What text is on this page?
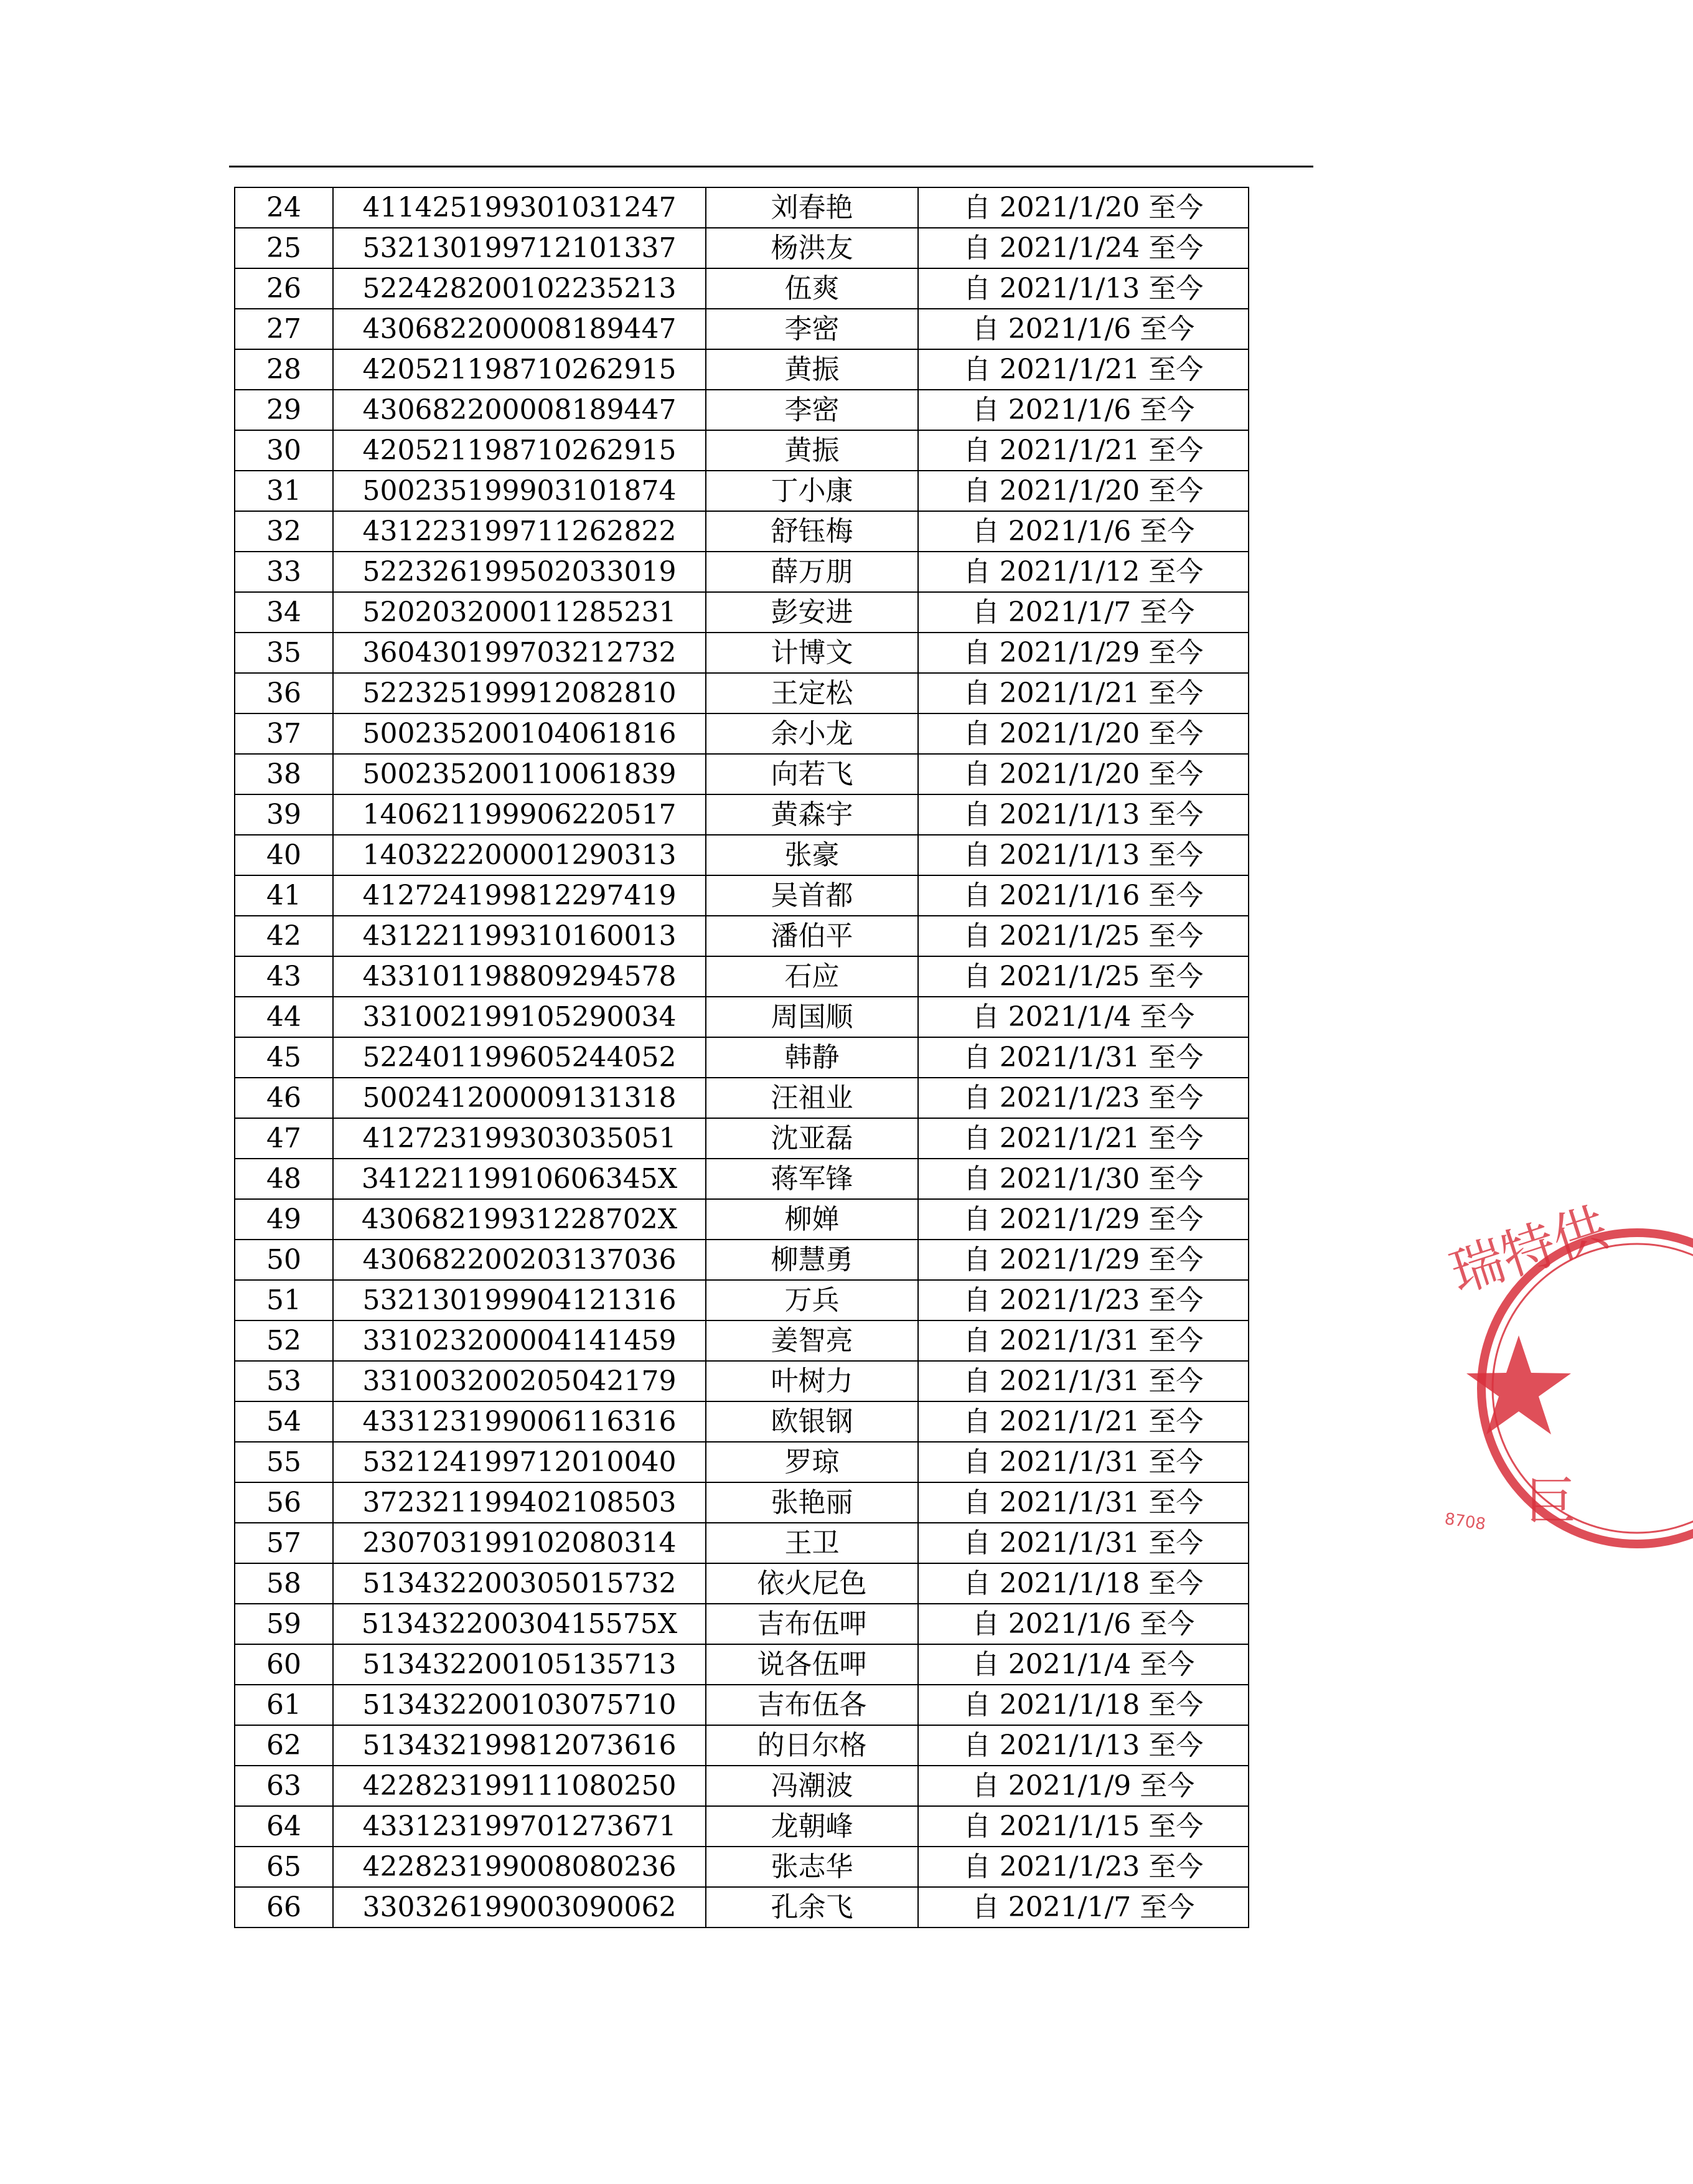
24	411425199301031247	刘春艳	自 2021/1/20 至今
25	532130199712101337	杨洪友	自 2021/1/24 至今
26	522428200102235213	伍爽	自 2021/1/13 至今
27	430682200008189447	李密	自 2021/1/6 至今
28	420521198710262915	黄振	自 2021/1/21 至今
29	430682200008189447	李密	自 2021/1/6 至今
30	420521198710262915	黄振	自 2021/1/21 至今
31	500235199903101874	丁小康	自 2021/1/20 至今
32	431223199711262822	舒钰梅	自 2021/1/6 至今
33	522326199502033019	薛万朋	自 2021/1/12 至今
34	520203200011285231	彭安进	自 2021/1/7 至今
35	360430199703212732	计博文	自 2021/1/29 至今
36	522325199912082810	王定松	自 2021/1/21 至今
37	500235200104061816	余小龙	自 2021/1/20 至今
38	500235200110061839	向若飞	自 2021/1/20 至今
39	140621199906220517	黄森宇	自 2021/1/13 至今
40	140322200001290313	张豪	自 2021/1/13 至今
41	412724199812297419	吴首都	自 2021/1/16 至今
42	431221199310160013	潘伯平	自 2021/1/25 至今
43	433101198809294578	石应	自 2021/1/25 至今
44	331002199105290034	周国顺	自 2021/1/4 至今
45	522401199605244052	韩静	自 2021/1/31 至今
46	500241200009131318	汪祖业	自 2021/1/23 至今
47	412723199303035051	沈亚磊	自 2021/1/21 至今
48	34122119910606345X	蒋军锋	自 2021/1/30 至今
49	43068219931228702X	柳婵	自 2021/1/29 至今
50	430682200203137036	柳慧勇	自 2021/1/29 至今
51	532130199904121316	万兵	自 2021/1/23 至今
52	331023200004141459	姜智亮	自 2021/1/31 至今
53	331003200205042179	叶树力	自 2021/1/31 至今
54	433123199006116316	欧银钢	自 2021/1/21 至今
55	532124199712010040	罗琼	自 2021/1/31 至今
56	372321199402108503	张艳丽	自 2021/1/31 至今
57	230703199102080314	王卫	自 2021/1/31 至今
58	513432200305015732	依火尼色	自 2021/1/18 至今
59	51343220030415575X	吉布伍呷	自 2021/1/6 至今
60	513432200105135713	说各伍呷	自 2021/1/4 至今
61	513432200103075710	吉布伍各	自 2021/1/18 至今
62	513432199812073616	的日尔格	自 2021/1/13 至今
63	422823199111080250	冯潮波	自 2021/1/9 至今
64	433123199701273671	龙朝峰	自 2021/1/15 至今
65	422823199008080236	张志华	自 2021/1/23 至今
66	330326199003090062	孔余飞	自 2021/1/7 至今
瑞特供
巨
8708
